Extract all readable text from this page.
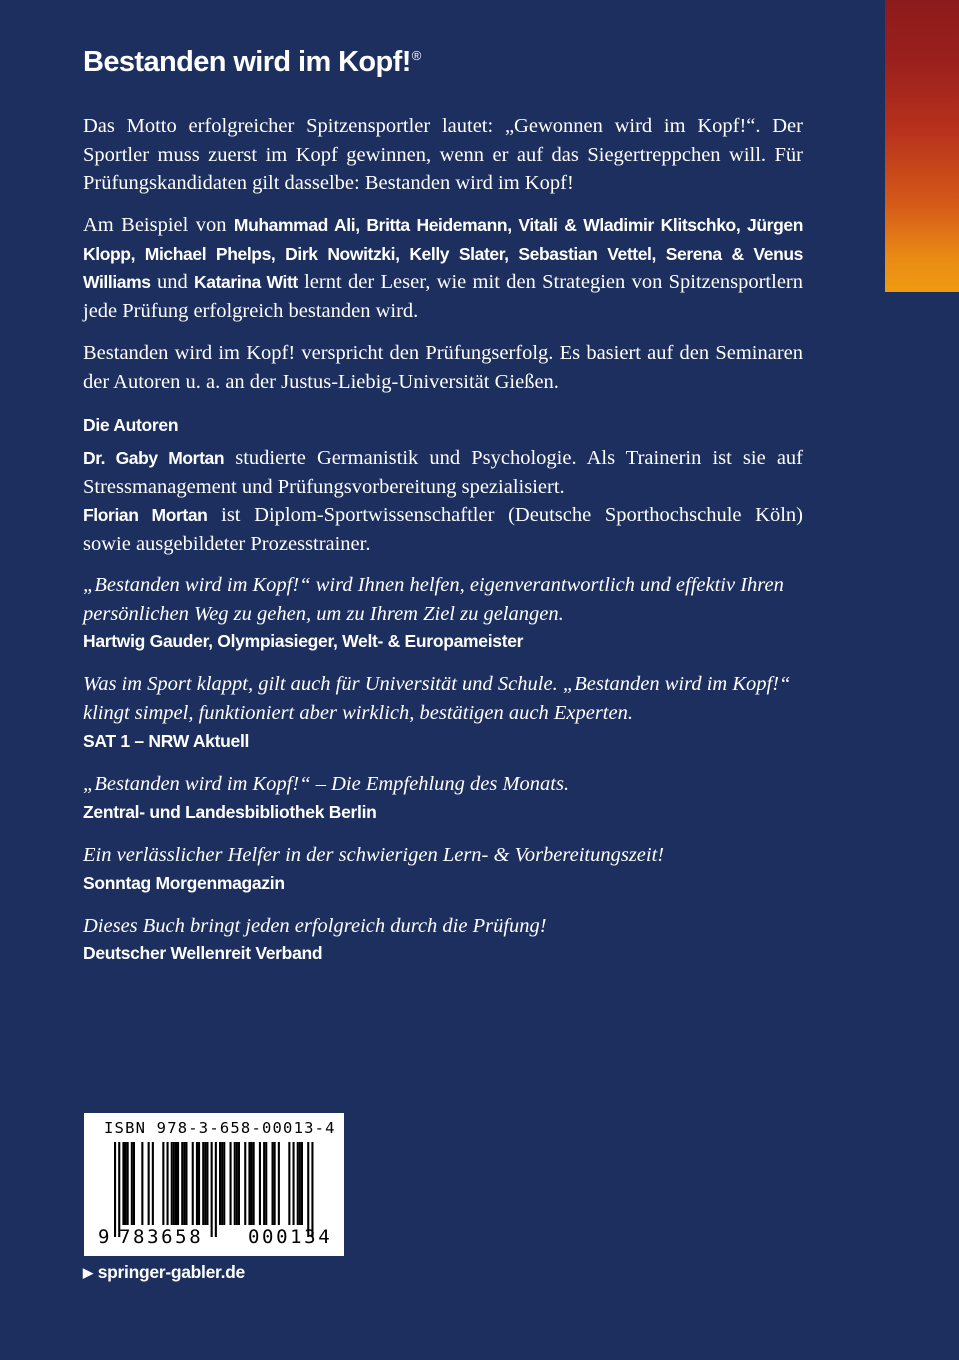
Bestanden wird im Kopf!®

Das Motto erfolgreicher Spitzensportler lautet: „Gewonnen wird im Kopf!“. Der Sportler muss zuerst im Kopf gewinnen, wenn er auf das Siegertreppchen will. Für Prüfungskandidaten gilt dasselbe: Bestanden wird im Kopf!

Am Beispiel von Muhammad Ali, Britta Heidemann, Vitali & Wladimir Klitschko, Jürgen Klopp, Michael Phelps, Dirk Nowitzki, Kelly Slater, Sebastian Vettel, Serena & Venus Williams und Katarina Witt lernt der Leser, wie mit den Strategien von Spitzensportlern jede Prüfung erfolgreich bestanden wird.

Bestanden wird im Kopf! verspricht den Prüfungserfolg. Es basiert auf den Seminaren der Autoren u. a. an der Justus-Liebig-Universität Gießen.

Die Autoren

Dr. Gaby Mortan studierte Germanistik und Psychologie. Als Trainerin ist sie auf Stressmanagement und Prüfungsvorbereitung spezialisiert.

Florian Mortan ist Diplom-Sportwissenschaftler (Deutsche Sporthochschule Köln) sowie ausgebildeter Prozesstrainer.

„Bestanden wird im Kopf!“ wird Ihnen helfen, eigenverantwortlich und effektiv Ihren persönlichen Weg zu gehen, um zu Ihrem Ziel zu gelangen.

Hartwig Gauder, Olympiasieger, Welt- & Europameister

Was im Sport klappt, gilt auch für Universität und Schule. „Bestanden wird im Kopf!“ klingt simpel, funktioniert aber wirklich, bestätigen auch Experten.

SAT 1 – NRW Aktuell

„Bestanden wird im Kopf!“ – Die Empfehlung des Monats.

Zentral- und Landesbibliothek Berlin

Ein verlässlicher Helfer in der schwierigen Lern- & Vorbereitungszeit!

Sonntag Morgenmagazin

Dieses Buch bringt jeden erfolgreich durch die Prüfung!

Deutscher Wellenreit Verband
ISBN 978-3-658-00013-4
9 783658 000134
▶ springer-gabler.de
